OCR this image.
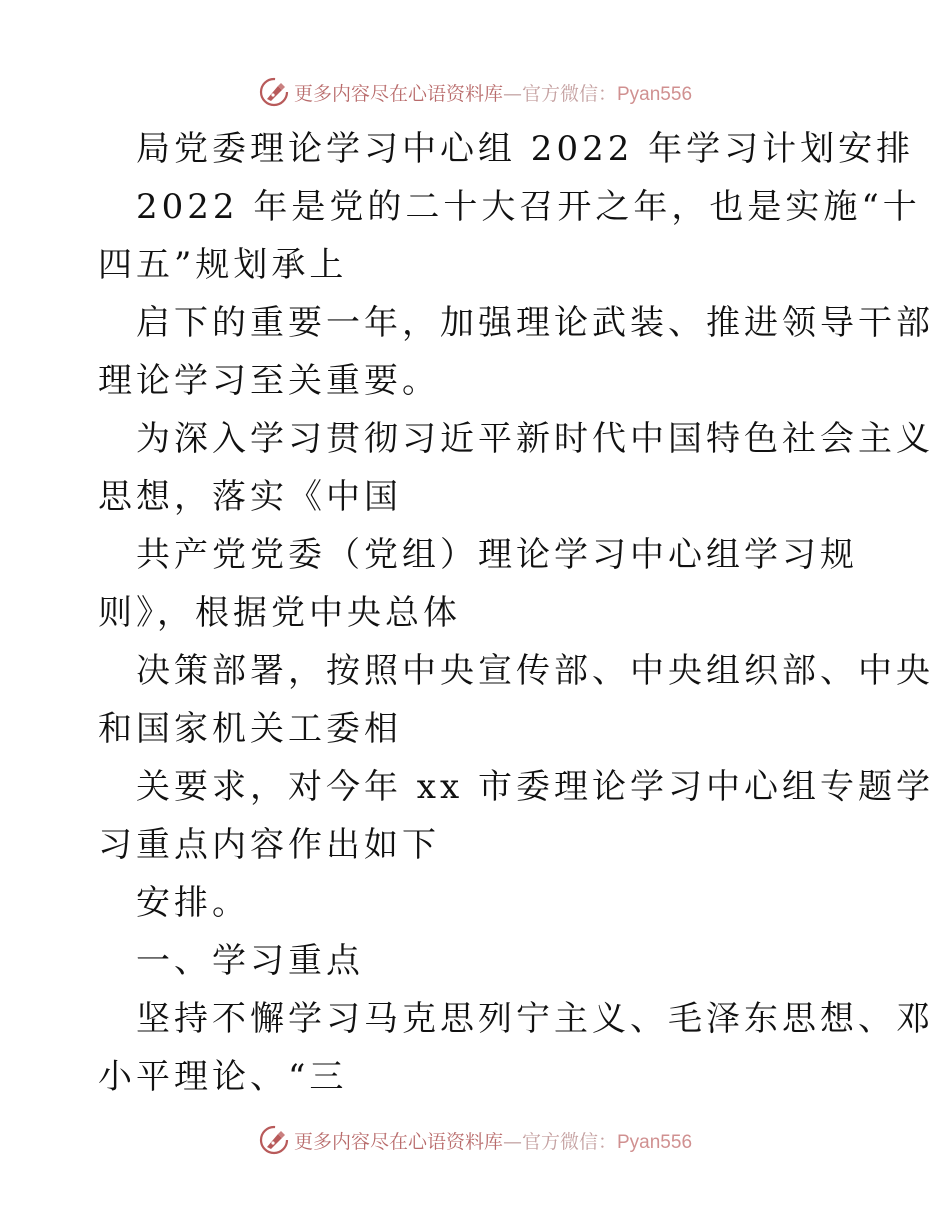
更多内容尽在心语资料库—官方微信：Pyan556
局党委理论学习中心组 2022 年学习计划安排
2022 年是党的二十大召开之年，也是实施“十
四五”规划承上
启下的重要一年，加强理论武装、推进领导干部
理论学习至关重要。
为深入学习贯彻习近平新时代中国特色社会主义
思想，落实《中国
共产党党委（党组）理论学习中心组学习规
则》，根据党中央总体
决策部署，按照中央宣传部、中央组织部、中央
和国家机关工委相
关要求，对今年 xx 市委理论学习中心组专题学
习重点内容作出如下
安排。
一、学习重点
坚持不懈学习马克思列宁主义、毛泽东思想、邓
小平理论、“三
更多内容尽在心语资料库—官方微信：Pyan556
